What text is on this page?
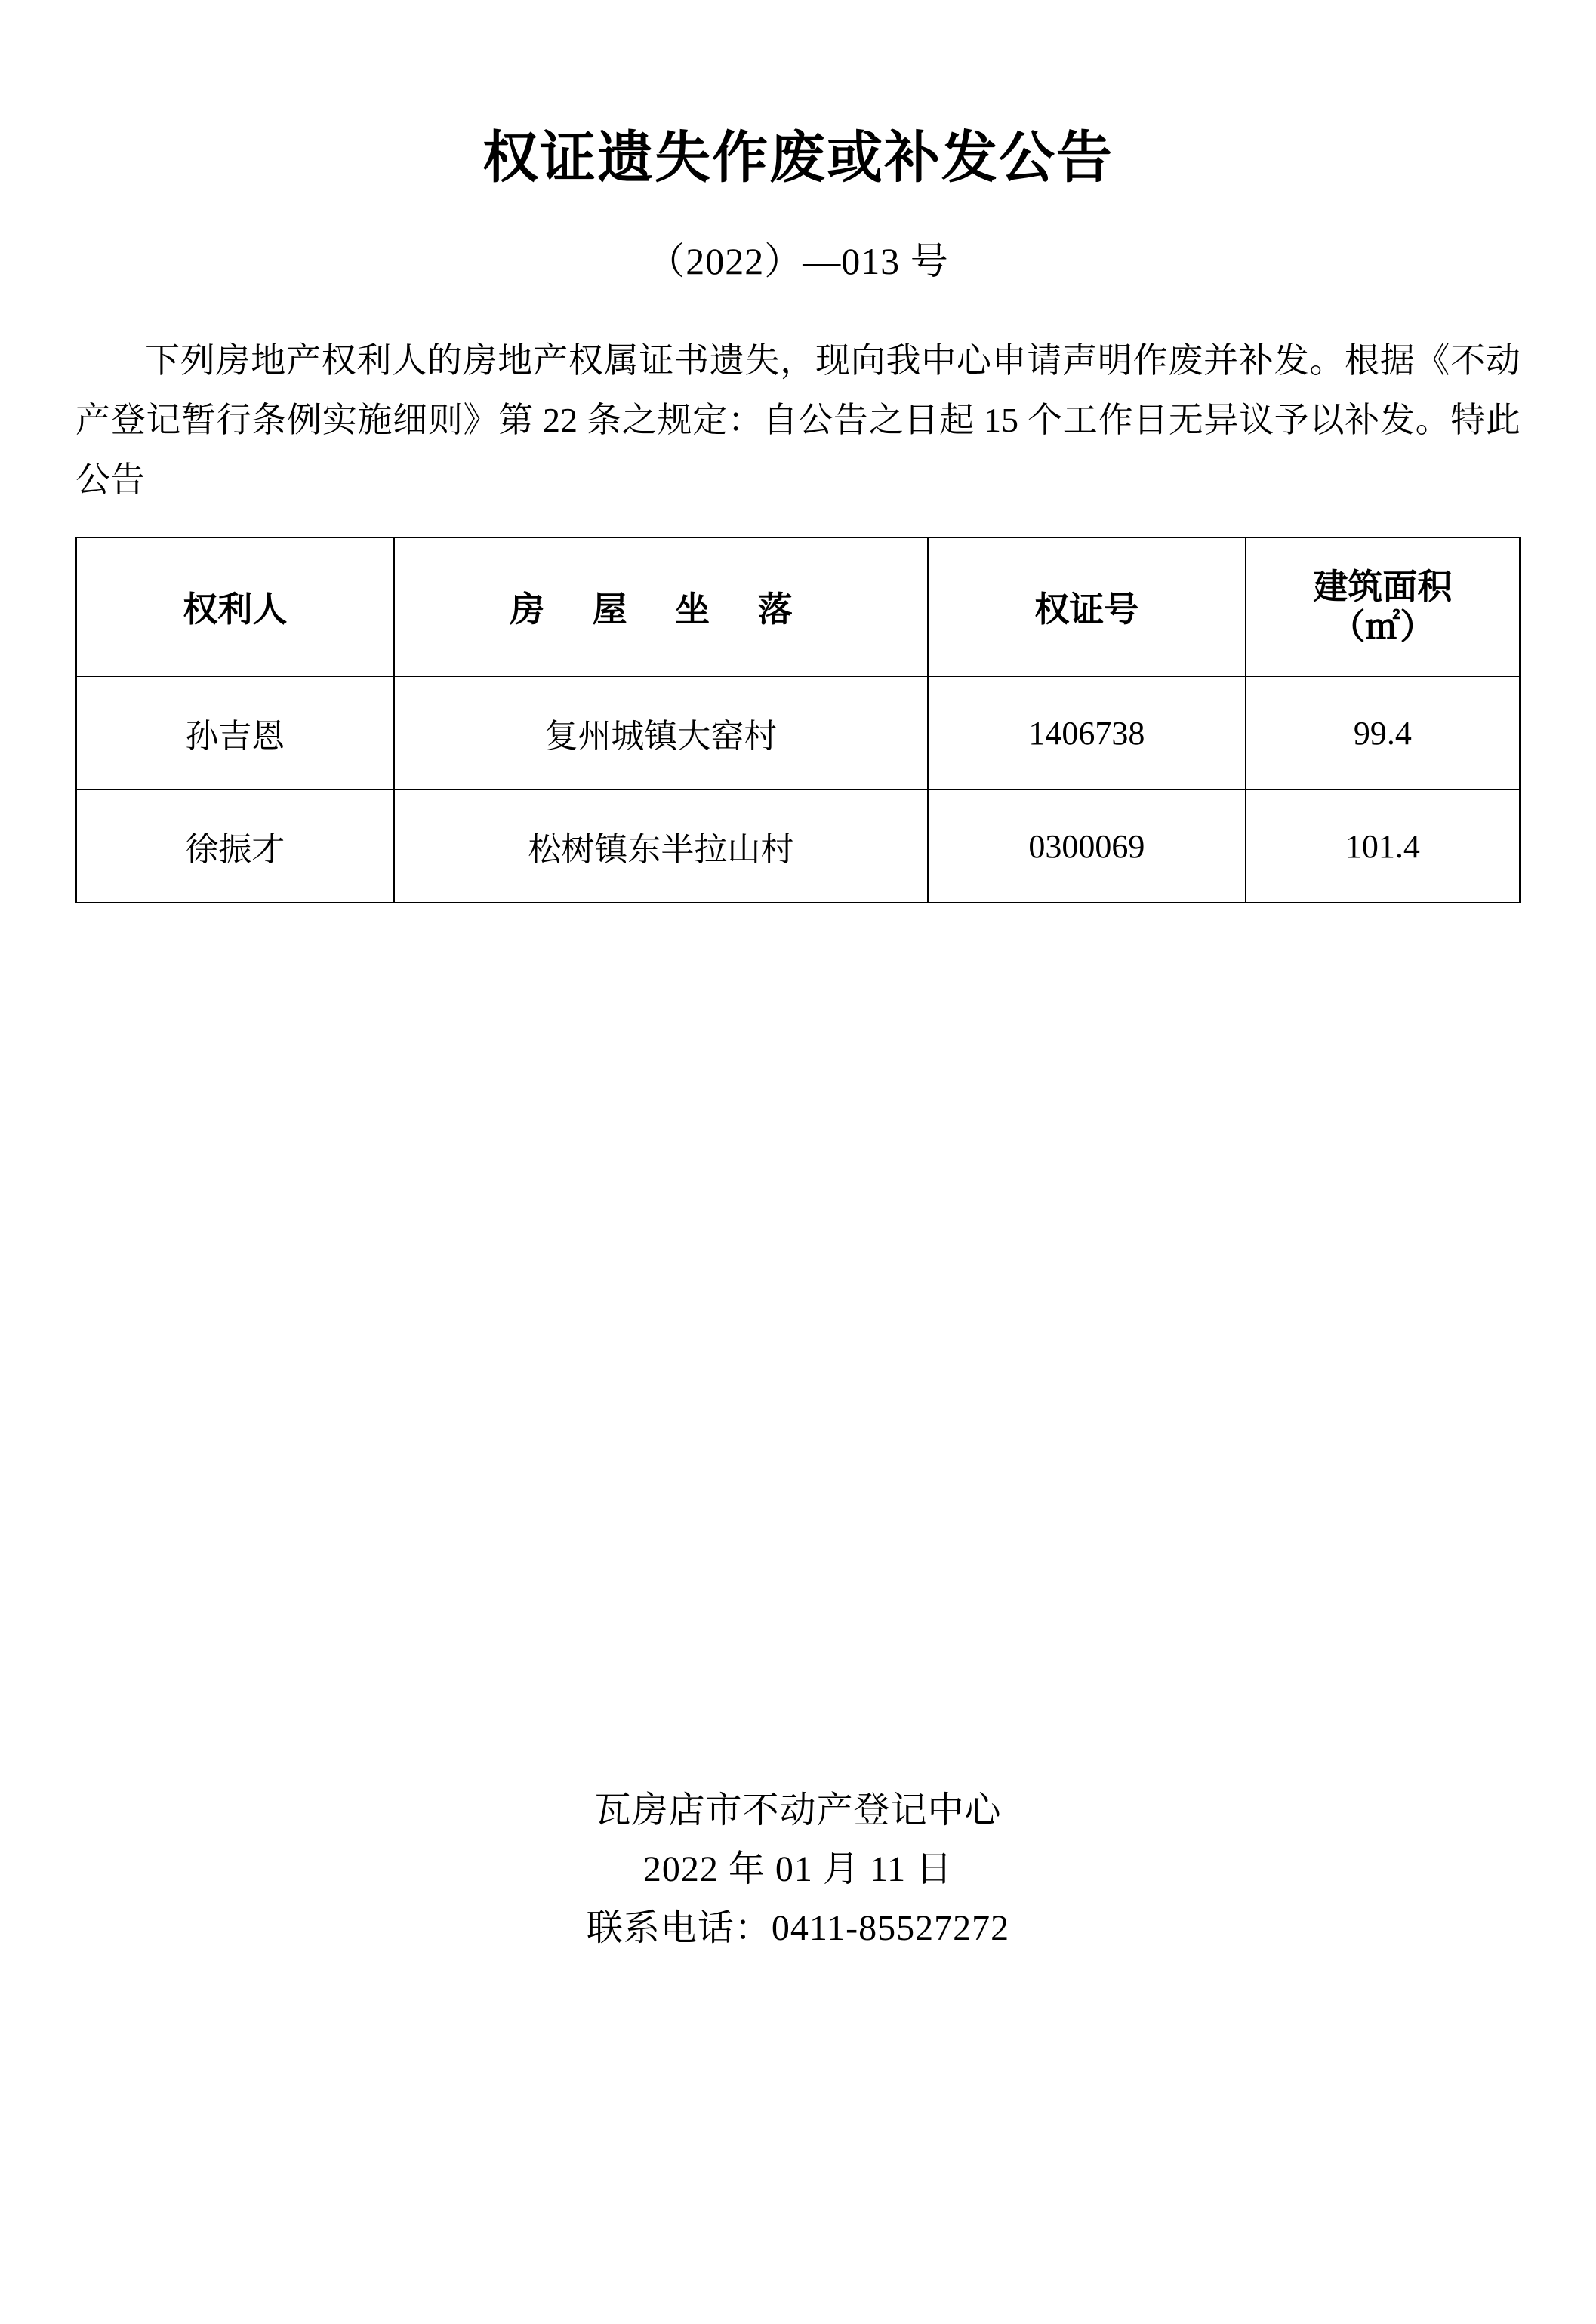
权证遗失作废或补发公告
（2022）—013 号

下列房地产权利人的房地产权属证书遗失，现向我中心申请声明作废并补发。根据《不动产登记暂行条例实施细则》第 22 条之规定：自公告之日起 15 个工作日无异议予以补发。特此公告

权利人	房 屋 坐 落	权证号	建筑面积
（㎡）

孙吉恩	复州城镇大窑村	1406738	99.4
徐振才	松树镇东半拉山村	0300069	101.4
瓦房店市不动产登记中心
2022 年 01 月 11 日
联系电话：0411-85527272
